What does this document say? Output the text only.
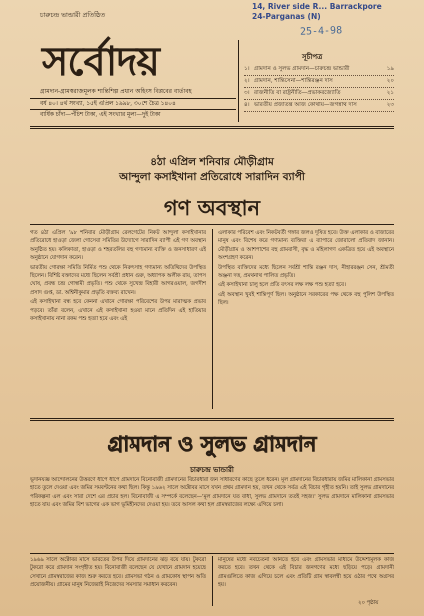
14, River side R... Barrackpore
24-Parganas (N)
চারুচন্দ্র ভান্ডারী প্রতিষ্ঠিত
সর্বোদয়
গ্রামদান-গ্রামস্বরাজমূলক শান্তিশিল্প প্রধান অহিংস বিপ্লবের বার্তাবহ
বর্ষ ৪০। ৪র্থ সংখ্যা, ১৫ই এপ্রিল ১৯৯৮, ৩০শে চৈত্র ১৪০৪
বার্ষিক চাঁদা—পঁচিশ টাকা, এই সংখ্যার মূল্য—দুই টাকা
25-4-98
সূচীপত্র
১। গ্রামদান ও সুলভ গ্রামদান—চারুচন্দ্র ভান্ডারী	১৯
২। গ্রামদান, শান্তিসেনা—শান্তিরঞ্জন দাস	২০
৩। রাজনীতি বা রাষ্ট্রনীতি—প্রভাকরজ্যোতি	২১
৪। ভারতীয় প্রজাতন্ত্র আজ কোথায়—জগন্নাথ দাস	২৩
৪ঠা এপ্রিল শনিবার মৌড়ীগ্রাম
আন্দুলা কসাইখানা প্রতিরোধে সারাদিন ব্যাপী
গণ অবস্থান

গত ৪ঠা এপ্রিল '৯৮ শনিবার মৌড়ীগ্রাম রেলগেটের নিকট আন্দুলা কসাইখানার প্রতিরোধে হাওড়া জেলা গোসেবা সমিতির উদ্যোগে সারাদিন ব্যাপী এই গণ অবস্থান অনুষ্ঠিত হয়। কলিকাতা, হাওড়া ও শহরতলির বহু গণ্যমান্য ব্যক্তি ও জনসাধারণ এই অনুষ্ঠানে যোগদান করেন।

ভারতীয় গোরক্ষা সমিতি নির্মিত পশু থেকে নিরুৎসাহ গণ্যমান্য অতিথিদের উপস্থিত ছিলেন। বিশিষ্ট বক্তাদের মধ্যে ছিলেন সর্বশ্রী প্রধান গুরু, অধ্যাপক অলীক রায়, তাপস ঘোষ, প্রবন্ধ চন্দ্র গোস্বামী প্রভৃতি। পশু থেকে সুখেন্দ্র বিহারী আগরওয়াল, জগদীশ প্রসাদ গুপ্ত, ডা. অশ্বিনীকুমার প্রভৃতি বক্তব্য রাখেন।

এই কসাইখানা বন্ধ হবে কেননা এখানে গোরক্ষা পরিবেশের উপর মারাত্মক প্রভাব পড়বে। তাঁরা বলেন, এখানে এই কসাইখানা হওয়া মানে প্রতিদিন এই হাতিয়ার কসাইখানায় নানা রকম পশু হত্যা হবে এবং এই

এলাকার পরিবেশ এবং নিকটবর্তী গঙ্গার জলও দূষিত হবে। উক্ত এলাকার ও বাজারের মানুষ এবং বিশেষ করে গণ্যমান্য ব্যক্তিরা এ ব্যাপারে জোরালো প্রতিবাদ জানান। মৌড়ীগ্রাম ও আশপাশের বহু গ্রামবাসী, বৃদ্ধ ও মহিলাগণ একত্রিত হয়ে এই অবস্থানে অংশগ্রহণ করেন।

উপস্থিত ব্যক্তিদের মধ্যে ছিলেন সর্বশ্রী শান্তি রঞ্জন দাস, নীহাররঞ্জন সেন, শ্রীমতী অঞ্জনা দত্ত, প্রমথনাথ পালিত প্রভৃতি।

এই কসাইখানা চালু হলে প্রতি বৎসর লক্ষ লক্ষ পশু হত্যা হবে।

এই অবস্থান খুবই শান্তিপূর্ণ ছিল। অনুষ্ঠানে সরকারের পক্ষ থেকে বহু পুলিশ উপস্থিত ছিল।

গ্রামদান ও সুলভ গ্রামদান
চারুচন্দ্র ভান্ডারী

ভূদানযজ্ঞ আন্দোলনের উত্তরণে ধাপে ধাপে গ্রামদানে বিনোবাজী গ্রামদানের বিচারধারা জন সাধারণের কাছে তুলে ধরেন। মূল গ্রামদানের বিচারধারায় জমির মালিকানা গ্রামসভার হাতে তুলে দেওয়া এবং জমির সমবণ্টনের কথা ছিল। কিন্তু ১৯৬২ সালে অক্টোবর মাসে যখন প্রথম গ্রামদান হয়, তখন থেকে সর্বত্র এই বিচার গৃহীত হয়নি। তাই সুলভ গ্রামদানের পরিকল্পনা এল এবং সারা দেশে এর প্রচার হল। বিনোবাজী এ সম্পর্কে বলেছেন—'মূল গ্রামদানে যত বাধা, সুলভ গ্রামদানে ততই সহজ।' সুলভ গ্রামদানে মালিকানা গ্রামসভার হাতে যায় এবং জমির বিশ ভাগের এক ভাগ ভূমিহীনদের দেওয়া হয়। তবে আসল কথা হল গ্রামস্বরাজের লক্ষ্যে এগিয়ে চলা।

১৯৬৯ সালে অক্টোবর মাসে ভারতের উপর দিয়ে গ্রামদানের ঝড় বয়ে যায়। টুকরো টুকরো করে গ্রামদান সংগৃহীত হয়। বিনোবাজী বলেছেন যে যেখানে গ্রামদান হয়েছে সেখানে গ্রামস্বরাজের কাজ শুরু করতে হবে। গ্রামসভা গঠন ও গ্রামকোষ স্থাপন অতি প্রয়োজনীয়। গ্রামের মানুষ নিজেরাই নিজেদের সমস্যার সমাধান করবেন।

মানুষের মধ্যে নবচেতনা আনতে হবে এবং গ্রামসভার মাধ্যমে উদ্দেশ্যমূলক কাজ করতে হবে। তখন থেকে এই বিচার জনগণের মধ্যে ছড়িয়ে পড়ে। গ্রামদানী গ্রামগুলিতে কাজ এগিয়ে চলে এবং প্রতিটি গ্রাম স্বাবলম্বী হয়ে ওঠার পথে অগ্রসর হয়।

২০ পৃষ্ঠায়
